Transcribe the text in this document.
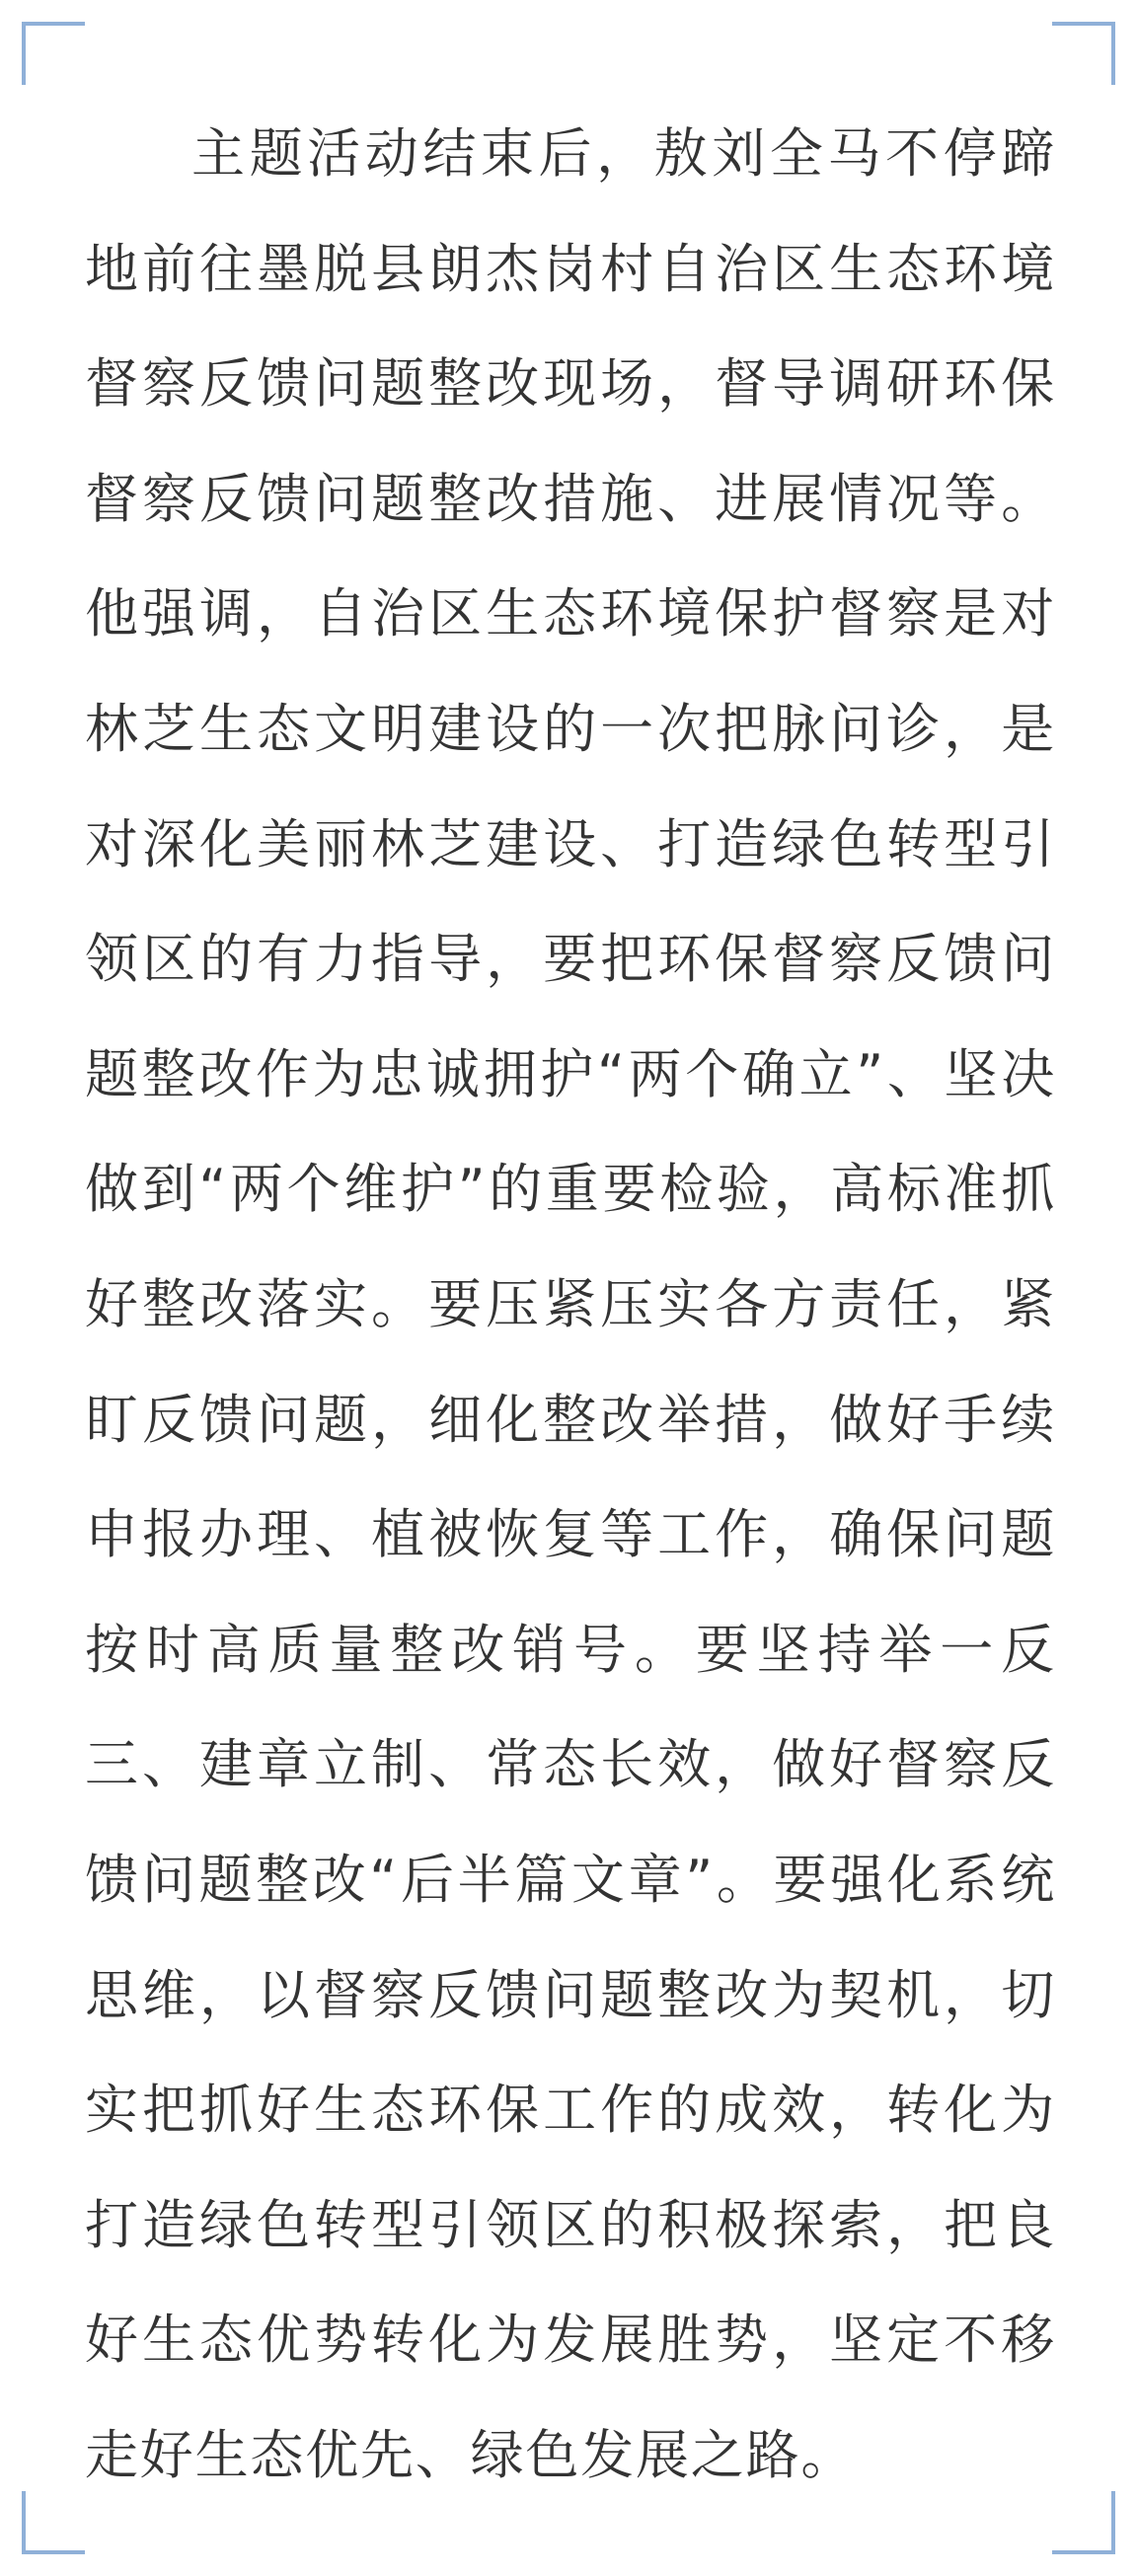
主题活动结束后，敖刘全马不停蹄地前往墨脱县朗杰岗村自治区生态环境督察反馈问题整改现场，督导调研环保督察反馈问题整改措施、进展情况等。他强调，自治区生态环境保护督察是对林芝生态文明建设的一次把脉问诊，是对深化美丽林芝建设、打造绿色转型引领区的有力指导，要把环保督察反馈问题整改作为忠诚拥护“两个确立”、坚决做到“两个维护”的重要检验，高标准抓好整改落实。要压紧压实各方责任，紧盯反馈问题，细化整改举措，做好手续申报办理、植被恢复等工作，确保问题按时高质量整改销号。要坚持举一反三、建章立制、常态长效，做好督察反馈问题整改“后半篇文章”。要强化系统思维，以督察反馈问题整改为契机，切实把抓好生态环保工作的成效，转化为打造绿色转型引领区的积极探索，把良好生态优势转化为发展胜势，坚定不移走好生态优先、绿色发展之路。
